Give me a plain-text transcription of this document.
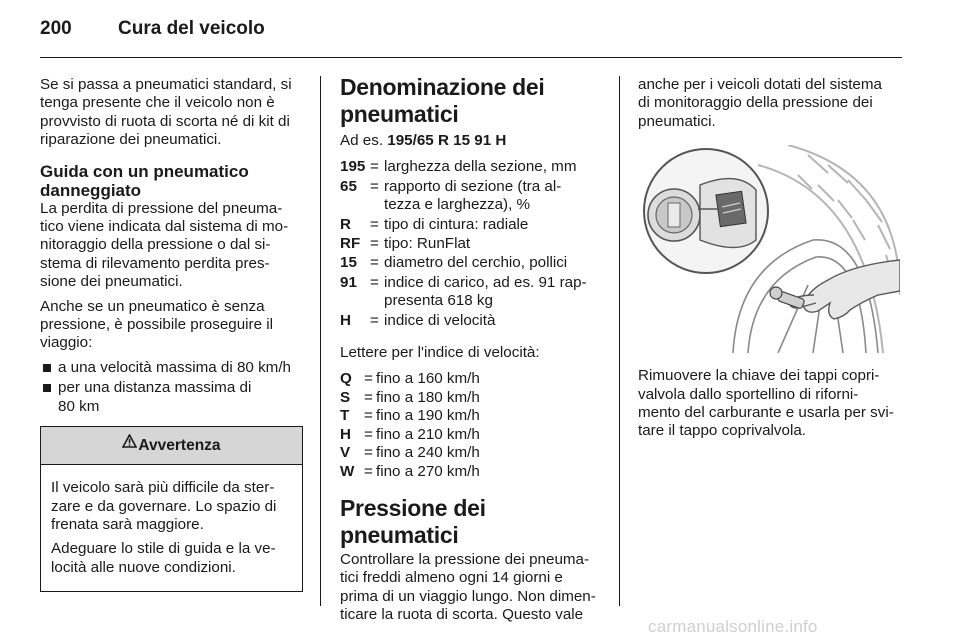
200 Cura del veicolo

Se si passa a pneumatici standard, si
tenga presente che il veicolo non è
provvisto di ruota di scorta né di kit di
riparazione dei pneumatici.

Guida con un pneumatico
danneggiato

La perdita di pressione del pneuma-
tico viene indicata dal sistema di mo-
nitoraggio della pressione o dal si-
stema di rilevamento perdita pres-
sione dei pneumatici.

Anche se un pneumatico è senza
pressione, è possibile proseguire il
viaggio:

a una velocità massima di 80 km/h
per una distanza massima di
80 km
Avvertenza

Il veicolo sarà più difficile da ster-
zare e da governare. Lo spazio di
frenata sarà maggiore.

Adeguare lo stile di guida e la ve-
locità alle nuove condizioni.

Denominazione dei
pneumatici

Ad es. 195/65 R 15 91 H

195 = larghezza della sezione, mm
65 = rapporto di sezione (tra al-
tezza e larghezza), %
R	= tipo di cintura: radiale
RF = tipo: RunFlat
15 = diametro del cerchio, pollici
91 = indice di carico, ad es. 91 rap-
presenta 618 kg
H	= indice di velocità

Lettere per l'indice di velocità:

Q = fino a 160 km/h
S = fino a 180 km/h
T = fino a 190 km/h
H = fino a 210 km/h
V = fino a 240 km/h
W = fino a 270 km/h
Pressione dei pneumatici

Controllare la pressione dei pneuma-
tici freddi almeno ogni 14 giorni e
prima di un viaggio lungo. Non dimen-
ticare la ruota di scorta. Questo vale

anche per i veicoli dotati del sistema
di monitoraggio della pressione dei
pneumatici.

Rimuovere la chiave dei tappi copri-
valvola dallo sportellino di riforni-
mento del carburante e usarla per svi-
tare il tappo coprivalvola.

carmanualsonline.info
